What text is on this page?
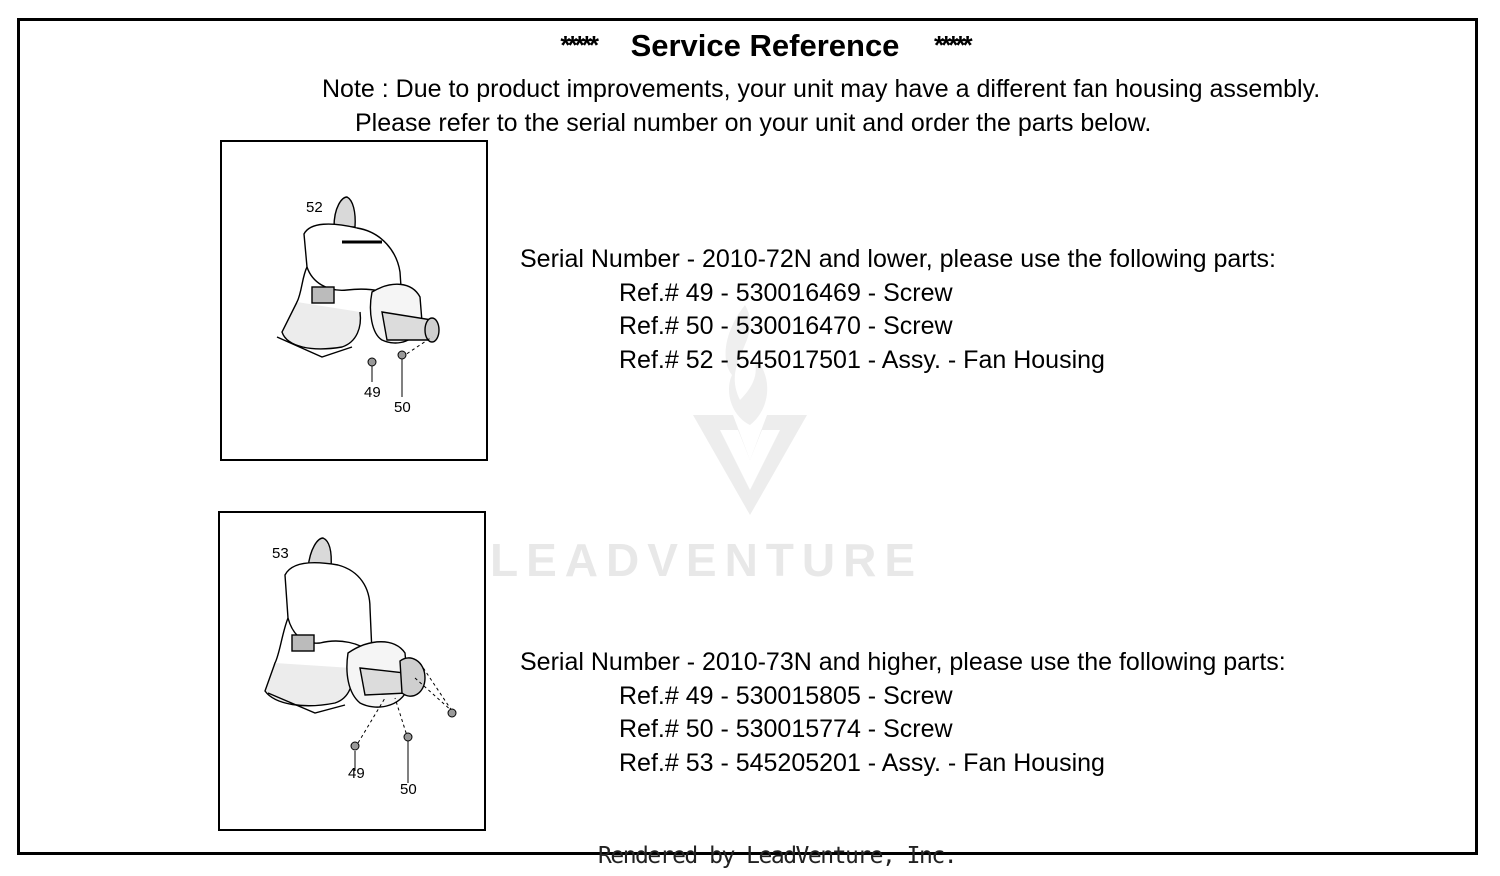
LEADVENTURE
***** Service Reference *****
Note : Due to product improvements, your unit may have a different fan housing assembly.
Please refer to the serial number on your unit and order the parts below.
52
49
50
53
49
50
Serial Number - 2010-72N and lower, please use the following parts:
Ref.# 49 - 530016469 - Screw
Ref.# 50 - 530016470 - Screw
Ref.# 52 - 545017501 - Assy. - Fan Housing
Serial Number - 2010-73N and higher, please use the following parts:
Ref.# 49 - 530015805 - Screw
Ref.# 50 - 530015774 - Screw
Ref.# 53 - 545205201 - Assy. - Fan Housing
Rendered by LeadVenture, Inc.
